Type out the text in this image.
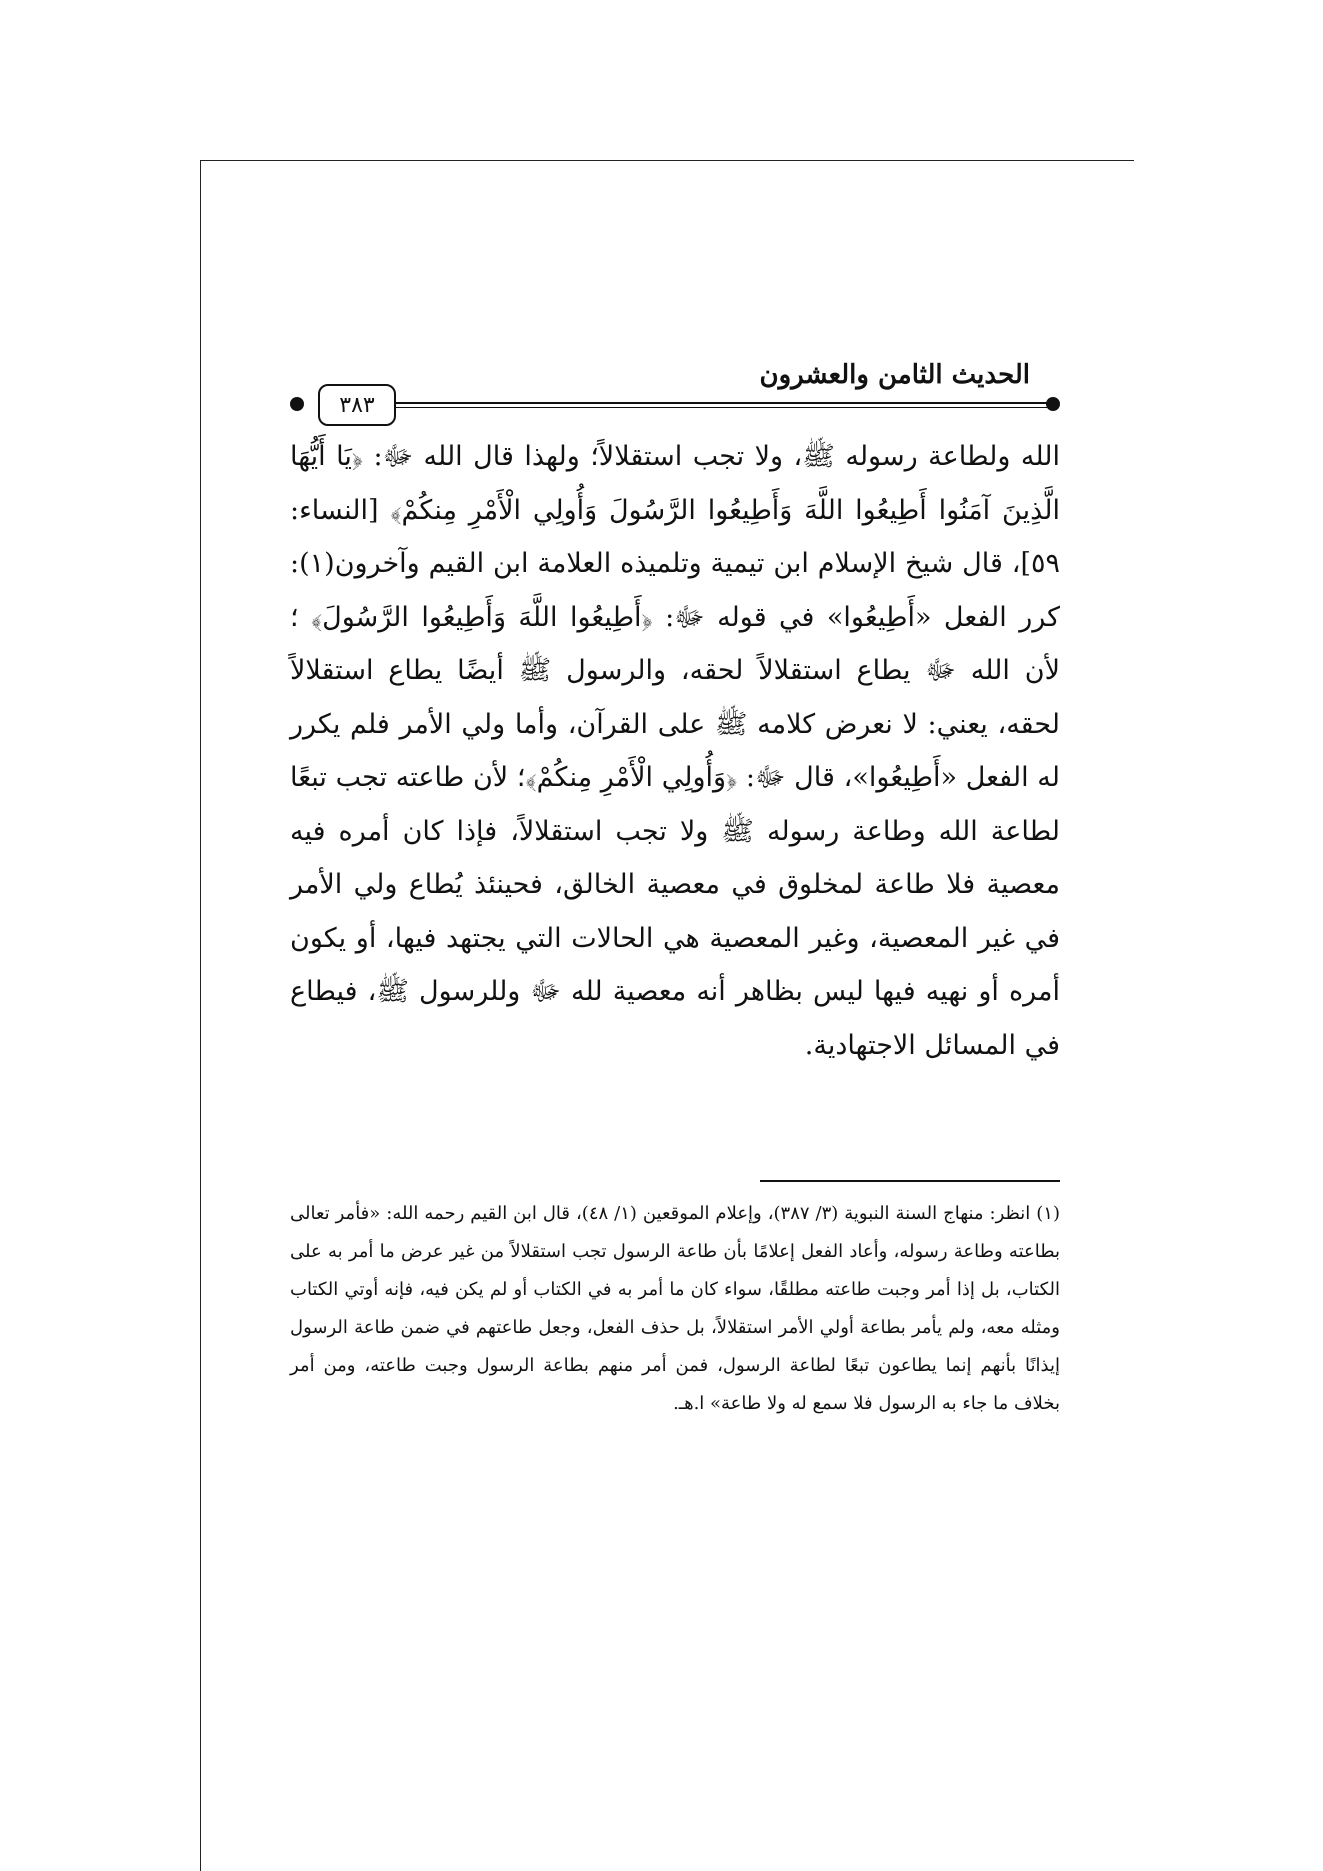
٣٨٣
الحديث الثامن والعشرون

الله ولطاعة رسوله ﷺ، ولا تجب استقلالاً؛ ولهذا قال الله ﷻ: ﴿يَا أَيُّهَا الَّذِينَ آمَنُوا أَطِيعُوا اللَّهَ وَأَطِيعُوا الرَّسُولَ وَأُولِي الْأَمْرِ مِنكُمْ﴾ [النساء: ٥٩]، قال شيخ الإسلام ابن تيمية وتلميذه العلامة ابن القيم وآخرون(١): كرر الفعل «أَطِيعُوا» في قوله ﷻ: ﴿أَطِيعُوا اللَّهَ وَأَطِيعُوا الرَّسُولَ﴾ ؛ لأن الله ﷻ يطاع استقلالاً لحقه، والرسول ﷺ أيضًا يطاع استقلالاً لحقه، يعني: لا نعرض كلامه ﷺ على القرآن، وأما ولي الأمر فلم يكرر له الفعل «أَطِيعُوا»، قال ﷻ: ﴿وَأُولِي الْأَمْرِ مِنكُمْ﴾؛ لأن طاعته تجب تبعًا لطاعة الله وطاعة رسوله ﷺ ولا تجب استقلالاً، فإذا كان أمره فيه معصية فلا طاعة لمخلوق في معصية الخالق، فحينئذ يُطاع ولي الأمر في غير المعصية، وغير المعصية هي الحالات التي يجتهد فيها، أو يكون أمره أو نهيه فيها ليس بظاهر أنه معصية لله ﷻ وللرسول ﷺ، فيطاع في المسائل الاجتهادية.

(١) انظر: منهاج السنة النبوية (٣/ ٣٨٧)، وإعلام الموقعين (١/ ٤٨)، قال ابن القيم رحمه الله: «فأمر تعالى بطاعته وطاعة رسوله، وأعاد الفعل إعلامًا بأن طاعة الرسول تجب استقلالاً من غير عرض ما أمر به على الكتاب، بل إذا أمر وجبت طاعته مطلقًا، سواء كان ما أمر به في الكتاب أو لم يكن فيه، فإنه أوتي الكتاب ومثله معه، ولم يأمر بطاعة أولي الأمر استقلالاً، بل حذف الفعل، وجعل طاعتهم في ضمن طاعة الرسول إيذانًا بأنهم إنما يطاعون تبعًا لطاعة الرسول، فمن أمر منهم بطاعة الرسول وجبت طاعته، ومن أمر بخلاف ما جاء به الرسول فلا سمع له ولا طاعة» ا.هـ.
